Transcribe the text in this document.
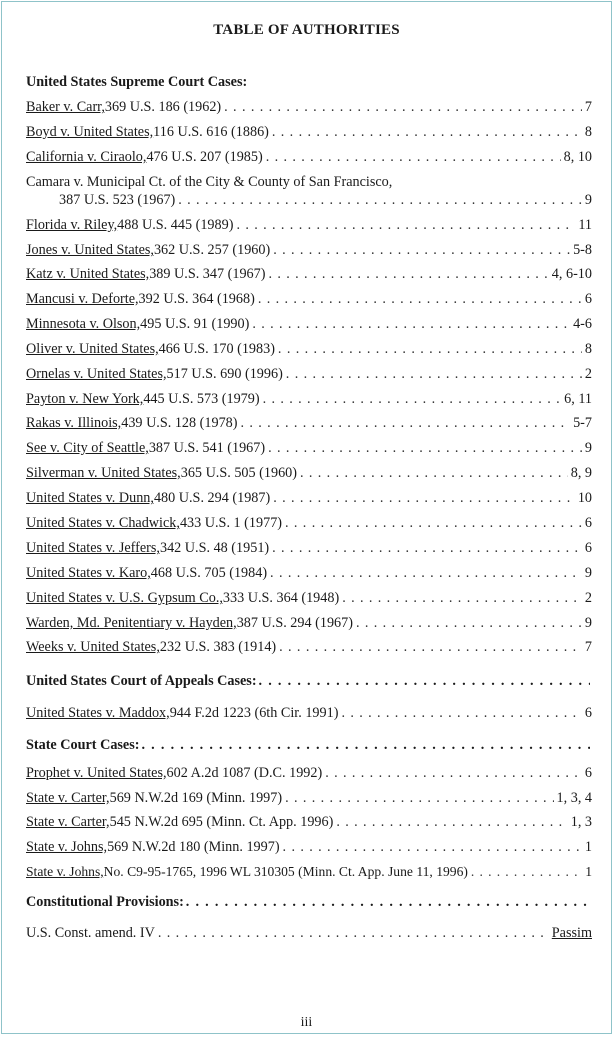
TABLE OF AUTHORITIES
United States Supreme Court Cases:
Baker v. Carr, 369 U.S. 186 (1962) . . .	7
Boyd v. United States, 116 U.S. 616 (1886) . . .	8
California v. Ciraolo, 476 U.S. 207 (1985) . . .	8, 10
Camara v. Municipal Ct. of the City & County of San Francisco,
387 U.S. 523 (1967) . . .	9
Florida v. Riley, 488 U.S. 445 (1989) . . .	11
Jones v. United States, 362 U.S. 257 (1960) . . .	5-8
Katz v. United States, 389 U.S. 347 (1967) . . .	4, 6-10
Mancusi v. Deforte, 392 U.S. 364 (1968) . . .	6
Minnesota v. Olson, 495 U.S. 91 (1990) . . .	4-6
Oliver v. United States, 466 U.S. 170 (1983) . . .	8
Ornelas v. United States, 517 U.S. 690 (1996) . . .	2
Payton v. New York, 445 U.S. 573 (1979) . . .	6, 11
Rakas v. Illinois, 439 U.S. 128 (1978) . . .	5-7
See v. City of Seattle, 387 U.S. 541 (1967) . . .	9
Silverman v. United States, 365 U.S. 505 (1960) . . .	8, 9
United States v. Dunn, 480 U.S. 294 (1987) . . .	10
United States v. Chadwick, 433 U.S. 1 (1977) . . .	6
United States v. Jeffers, 342 U.S. 48 (1951) . . .	6
United States v. Karo, 468 U.S. 705 (1984) . . .	9
United States v. U.S. Gypsum Co., 333 U.S. 364 (1948) . . .	2
Warden, Md. Penitentiary v. Hayden, 387 U.S. 294 (1967) . . .	9
Weeks v. United States, 232 U.S. 383 (1914) . . .	7
United States Court of Appeals Cases:
. . .
United States v. Maddox, 944 F.2d 1223 (6th Cir. 1991) . . .	6
State Court Cases:
. . .
Prophet v. United States, 602 A.2d 1087 (D.C. 1992) . . .	6
State v. Carter, 569 N.W.2d 169 (Minn. 1997) . . .	1, 3, 4
State v. Carter, 545 N.W.2d 695 (Minn. Ct. App. 1996) . . .	1, 3
State v. Johns, 569 N.W.2d 180 (Minn. 1997) . . .	1
State v. Johns, No. C9-95-1765, 1996 WL 310305 (Minn. Ct. App. June 11, 1996) . . .	1
Constitutional Provisions:
. . .
U.S. Const. amend. IV . . .	Passim
iii
